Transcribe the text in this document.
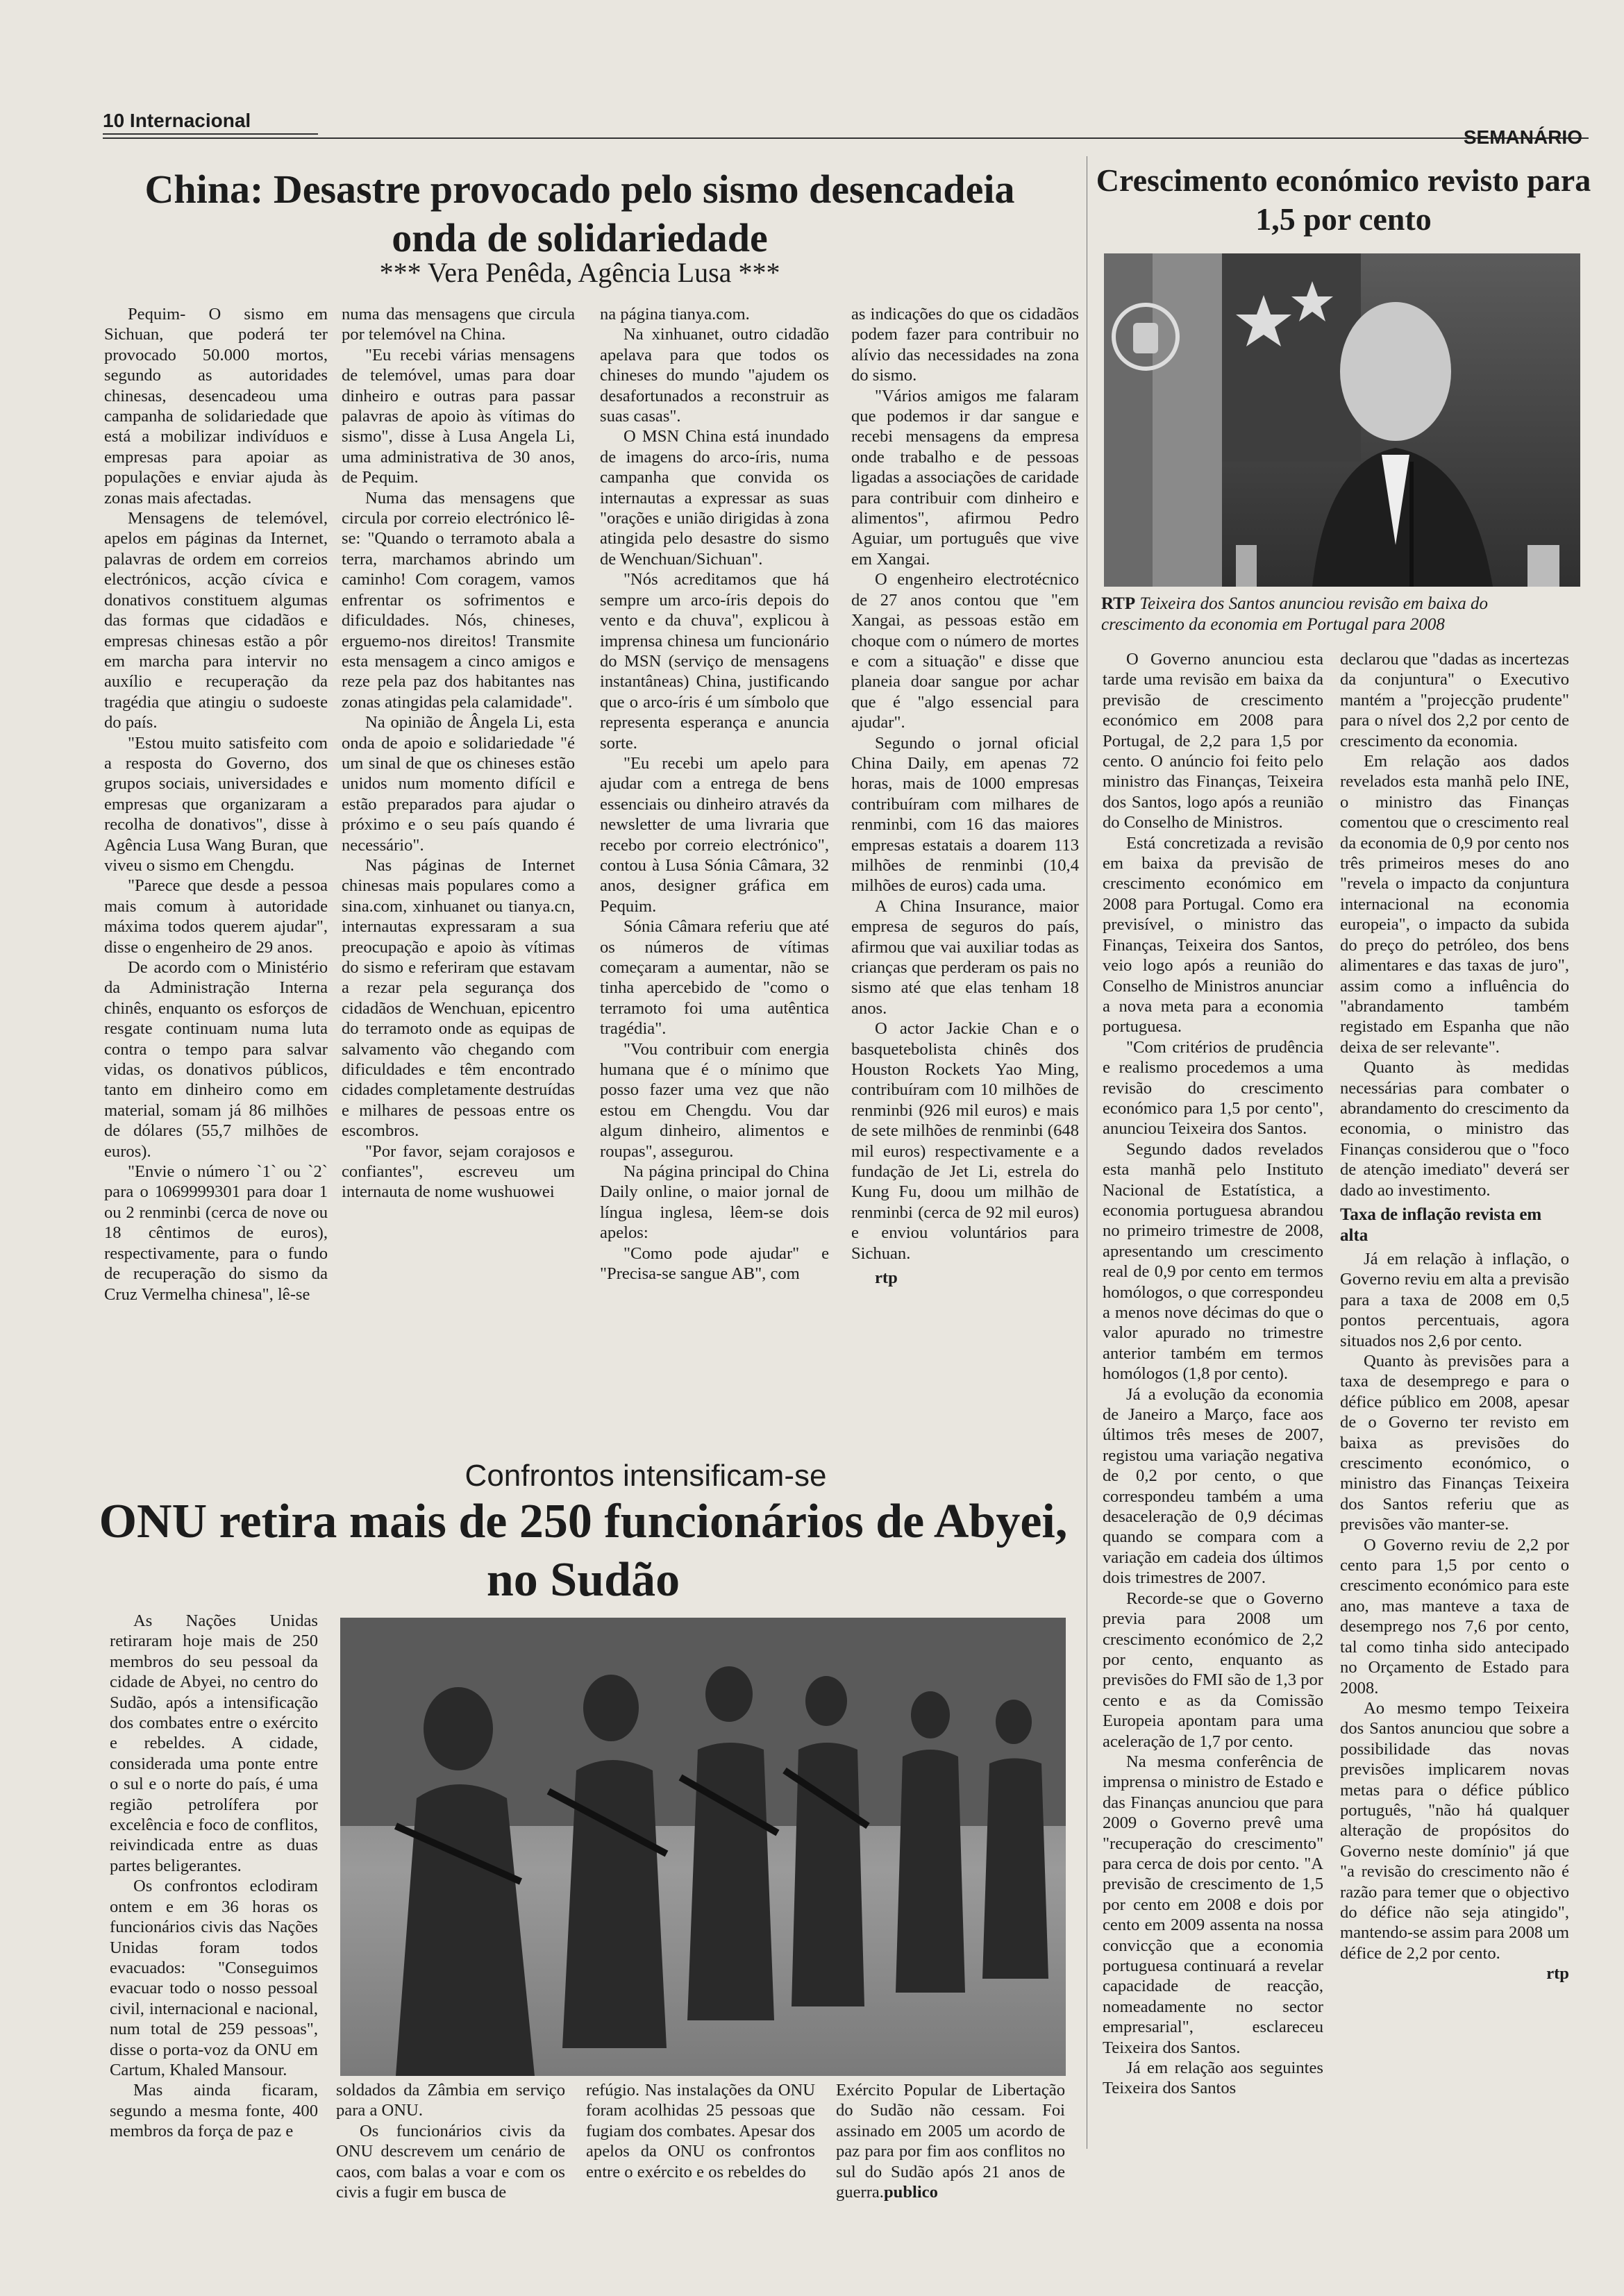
10 Internacional
SEMANÁRIO
China: Desastre provocado pelo sismo desencadeia onda de solidariedade
*** Vera Penêda, Agência Lusa ***

Pequim- O sismo em Sichuan, que poderá ter provocado 50.000 mortos, segundo as autoridades chinesas, desencadeou uma campanha de solidariedade que está a mobilizar indivíduos e empresas para apoiar as populações e enviar ajuda às zonas mais afectadas.

Mensagens de telemóvel, apelos em páginas da Internet, palavras de ordem em correios electrónicos, acção cívica e donativos constituem algumas das formas que cidadãos e empresas chinesas estão a pôr em marcha para intervir no auxílio e recuperação da tragédia que atingiu o sudoeste do país.

"Estou muito satisfeito com a resposta do Governo, dos grupos sociais, universidades e empresas que organizaram a recolha de donativos", disse à Agência Lusa Wang Buran, que viveu o sismo em Chengdu.

"Parece que desde a pessoa mais comum à autoridade máxima todos querem ajudar", disse o engenheiro de 29 anos.

De acordo com o Ministério da Administração Interna chinês, enquanto os esforços de resgate continuam numa luta contra o tempo para salvar vidas, os donativos públicos, tanto em dinheiro como em material, somam já 86 milhões de dólares (55,7 milhões de euros).

"Envie o número `1` ou `2` para o 1069999301 para doar 1 ou 2 renminbi (cerca de nove ou 18 cêntimos de euros), respectivamente, para o fundo de recuperação do sismo da Cruz Vermelha chinesa", lê-se

numa das mensagens que circula por telemóvel na China.

"Eu recebi várias mensagens de telemóvel, umas para doar dinheiro e outras para passar palavras de apoio às vítimas do sismo", disse à Lusa Angela Li, uma administrativa de 30 anos, de Pequim.

Numa das mensagens que circula por correio electrónico lê-se: "Quando o terramoto abala a terra, marchamos abrindo um caminho! Com coragem, vamos enfrentar os sofrimentos e dificuldades. Nós, chineses, erguemo-nos direitos! Transmite esta mensagem a cinco amigos e reze pela paz dos habitantes nas zonas atingidas pela calamidade".

Na opinião de Ângela Li, esta onda de apoio e solidariedade "é um sinal de que os chineses estão unidos num momento difícil e estão preparados para ajudar o próximo e o seu país quando é necessário".

Nas páginas de Internet chinesas mais populares como a sina.com, xinhuanet ou tianya.cn, internautas expressaram a sua preocupação e apoio às vítimas do sismo e referiram que estavam a rezar pela segurança dos cidadãos de Wenchuan, epicentro do terramoto onde as equipas de salvamento vão chegando com dificuldades e têm encontrado cidades completamente destruídas e milhares de pessoas entre os escombros.

"Por favor, sejam corajosos e confiantes", escreveu um internauta de nome wushuowei

na página tianya.com.

Na xinhuanet, outro cidadão apelava para que todos os chineses do mundo "ajudem os desafortunados a reconstruir as suas casas".

O MSN China está inundado de imagens do arco-íris, numa campanha que convida os internautas a expressar as suas "orações e união dirigidas à zona atingida pelo desastre do sismo de Wenchuan/Sichuan".

"Nós acreditamos que há sempre um arco-íris depois do vento e da chuva", explicou à imprensa chinesa um funcionário do MSN (serviço de mensagens instantâneas) China, justificando que o arco-íris é um símbolo que representa esperança e anuncia sorte.

"Eu recebi um apelo para ajudar com a entrega de bens essenciais ou dinheiro através da newsletter de uma livraria que recebo por correio electrónico", contou à Lusa Sónia Câmara, 32 anos, designer gráfica em Pequim.

Sónia Câmara referiu que até os números de vítimas começaram a aumentar, não se tinha apercebido de "como o terramoto foi uma autêntica tragédia".

"Vou contribuir com energia humana que é o mínimo que posso fazer uma vez que não estou em Chengdu. Vou dar algum dinheiro, alimentos e roupas", assegurou.

Na página principal do China Daily online, o maior jornal de língua inglesa, lêem-se dois apelos:

"Como pode ajudar" e "Precisa-se sangue AB", com

as indicações do que os cidadãos podem fazer para contribuir no alívio das necessidades na zona do sismo.

"Vários amigos me falaram que podemos ir dar sangue e recebi mensagens da empresa onde trabalho e de pessoas ligadas a associações de caridade para contribuir com dinheiro e alimentos", afirmou Pedro Aguiar, um português que vive em Xangai.

O engenheiro electrotécnico de 27 anos contou que "em Xangai, as pessoas estão em choque com o número de mortes e com a situação" e disse que planeia doar sangue por achar que é "algo essencial para ajudar".

Segundo o jornal oficial China Daily, em apenas 72 horas, mais de 1000 empresas contribuíram com milhares de renminbi, com 16 das maiores empresas estatais a doarem 113 milhões de renminbi (10,4 milhões de euros) cada uma.

A China Insurance, maior empresa de seguros do país, afirmou que vai auxiliar todas as crianças que perderam os pais no sismo até que elas tenham 18 anos.

O actor Jackie Chan e o basquetebolista chinês dos Houston Rockets Yao Ming, contribuíram com 10 milhões de renminbi (926 mil euros) e mais de sete milhões de renminbi (648 mil euros) respectivamente e a fundação de Jet Li, estrela do Kung Fu, doou um milhão de renminbi (cerca de 92 mil euros) e enviou voluntários para Sichuan.

rtp

Crescimento económico revisto para 1,5 por cento
RTP Teixeira dos Santos anunciou revisão em baixa do crescimento da economia em Portugal para 2008

O Governo anunciou esta tarde uma revisão em baixa da previsão de crescimento económico em 2008 para Portugal, de 2,2 para 1,5 por cento. O anúncio foi feito pelo ministro das Finanças, Teixeira dos Santos, logo após a reunião do Conselho de Ministros.

Está concretizada a revisão em baixa da previsão de crescimento económico em 2008 para Portugal. Como era previsível, o ministro das Finanças, Teixeira dos Santos, veio logo após a reunião do Conselho de Ministros anunciar a nova meta para a economia portuguesa.

"Com critérios de prudência e realismo procedemos a uma revisão do crescimento económico para 1,5 por cento", anunciou Teixeira dos Santos.

Segundo dados revelados esta manhã pelo Instituto Nacional de Estatística, a economia portuguesa abrandou no primeiro trimestre de 2008, apresentando um crescimento real de 0,9 por cento em termos homólogos, o que correspondeu a menos nove décimas do que o valor apurado no trimestre anterior também em termos homólogos (1,8 por cento).

Já a evolução da economia de Janeiro a Março, face aos últimos três meses de 2007, registou uma variação negativa de 0,2 por cento, o que correspondeu também a uma desaceleração de 0,9 décimas quando se compara com a variação em cadeia dos últimos dois trimestres de 2007.

Recorde-se que o Governo previa para 2008 um crescimento económico de 2,2 por cento, enquanto as previsões do FMI são de 1,3 por cento e as da Comissão Europeia apontam para uma aceleração de 1,7 por cento.

Na mesma conferência de imprensa o ministro de Estado e das Finanças anunciou que para 2009 o Governo prevê uma "recuperação do crescimento" para cerca de dois por cento. "A previsão de crescimento de 1,5 por cento em 2008 e dois por cento em 2009 assenta na nossa convicção que a economia portuguesa continuará a revelar capacidade de reacção, nomeadamente no sector empresarial", esclareceu Teixeira dos Santos.

Já em relação aos seguintes Teixeira dos Santos

declarou que "dadas as incertezas da conjuntura" o Executivo mantém a "projecção prudente" para o nível dos 2,2 por cento de crescimento da economia.

Em relação aos dados revelados esta manhã pelo INE, o ministro das Finanças comentou que o crescimento real da economia de 0,9 por cento nos três primeiros meses do ano "revela o impacto da conjuntura internacional na economia europeia", o impacto da subida do preço do petróleo, dos bens alimentares e das taxas de juro", assim como a influência do "abrandamento também registado em Espanha que não deixa de ser relevante".

Quanto às medidas necessárias para combater o abrandamento do crescimento da economia, o ministro das Finanças considerou que o "foco de atenção imediato" deverá ser dado ao investimento.

Taxa de inflação revista em alta

Já em relação à inflação, o Governo reviu em alta a previsão para a taxa de 2008 em 0,5 pontos percentuais, agora situados nos 2,6 por cento.

Quanto às previsões para a taxa de desemprego e para o défice público em 2008, apesar de o Governo ter revisto em baixa as previsões do crescimento económico, o ministro das Finanças Teixeira dos Santos referiu que as previsões vão manter-se.

O Governo reviu de 2,2 por cento para 1,5 por cento o crescimento económico para este ano, mas manteve a taxa de desemprego nos 7,6 por cento, tal como tinha sido antecipado no Orçamento de Estado para 2008.

Ao mesmo tempo Teixeira dos Santos anunciou que sobre a possibilidade das novas previsões implicarem novas metas para o défice público português, "não há qualquer alteração de propósitos do Governo neste domínio" já que "a revisão do crescimento não é razão para temer que o objectivo do défice não seja atingido", mantendo-se assim para 2008 um défice de 2,2 por cento.

rtp

Confrontos intensificam-se
ONU retira mais de 250 funcionários de Abyei, no Sudão

As Nações Unidas retiraram hoje mais de 250 membros do seu pessoal da cidade de Abyei, no centro do Sudão, após a intensificação dos combates entre o exército e rebeldes. A cidade, considerada uma ponte entre o sul e o norte do país, é uma região petrolífera por excelência e foco de conflitos, reivindicada entre as duas partes beligerantes.

Os confrontos eclodiram ontem e em 36 horas os funcionários civis das Nações Unidas foram todos evacuados: "Conseguimos evacuar todo o nosso pessoal civil, internacional e nacional, num total de 259 pessoas", disse o porta-voz da ONU em Cartum, Khaled Mansour.

Mas ainda ficaram, segundo a mesma fonte, 400 membros da força de paz e

soldados da Zâmbia em serviço para a ONU.

Os funcionários civis da ONU descrevem um cenário de caos, com balas a voar e com os civis a fugir em busca de

refúgio. Nas instalações da ONU foram acolhidas 25 pessoas que fugiam dos combates. Apesar dos apelos da ONU os confrontos entre o exército e os rebeldes do

Exército Popular de Libertação do Sudão não cessam. Foi assinado em 2005 um acordo de paz para por fim aos conflitos no sul do Sudão após 21 anos de guerra.publico
